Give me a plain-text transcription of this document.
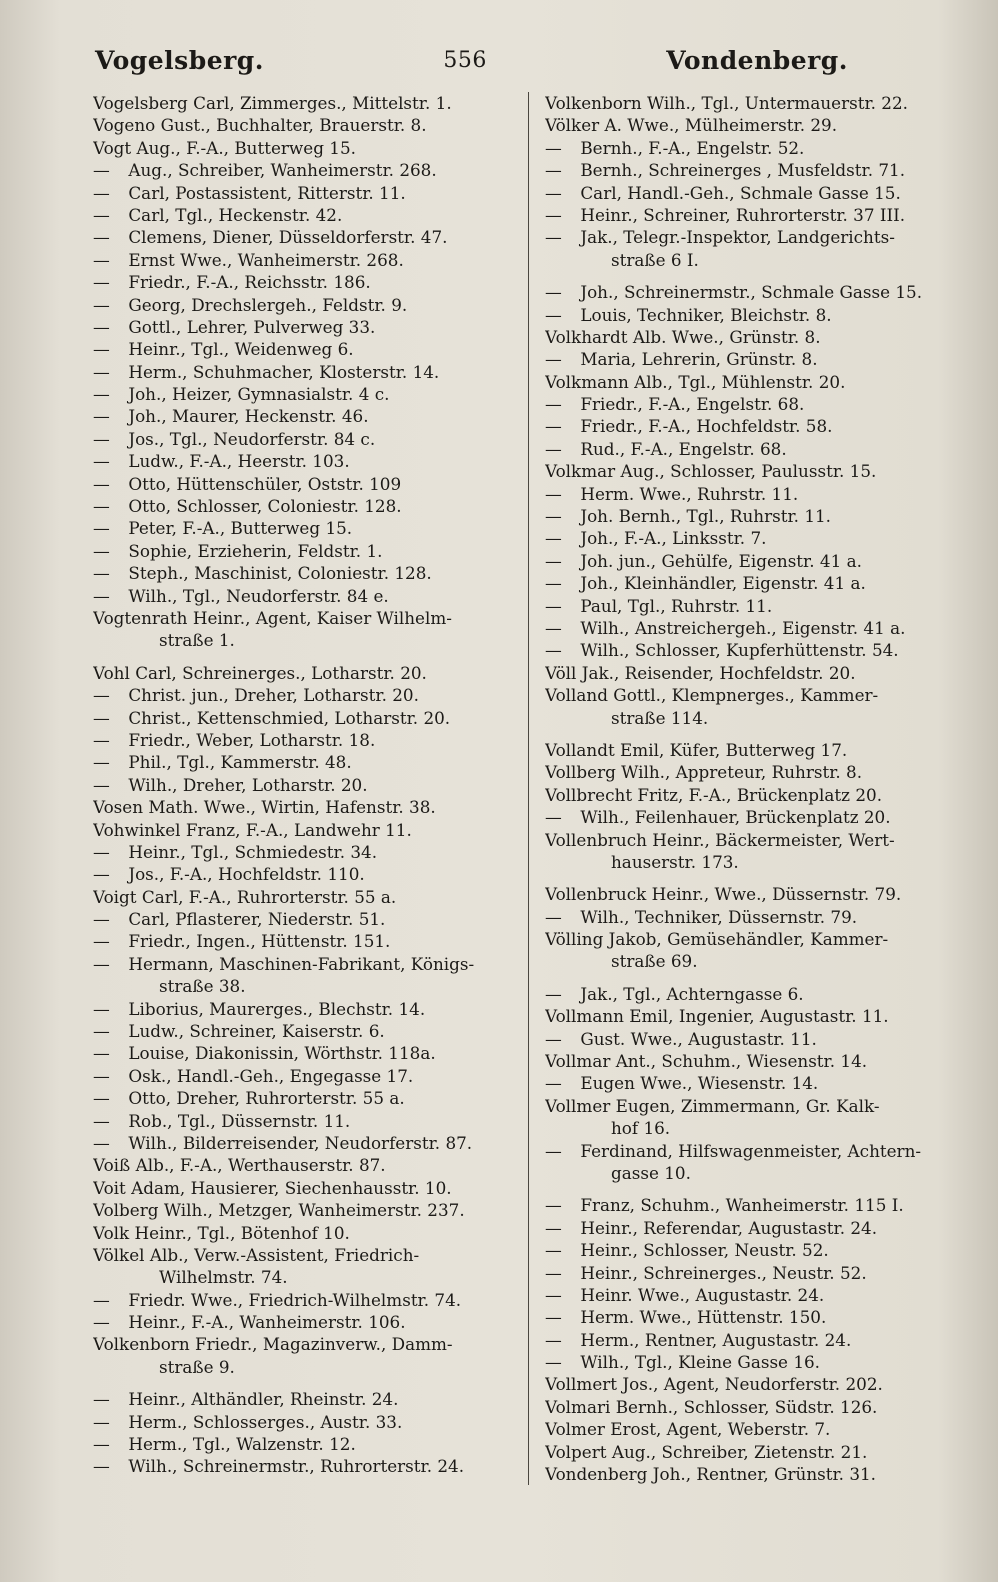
Vogelsberg.	556	Vondenberg.
Vogelsberg Carl, Zimmerges., Mittelstr. 1.
Vogeno Gust., Buchhalter, Brauerstr. 8.
Vogt Aug., F.-A., Butterweg 15.
— Aug., Schreiber, Wanheimerstr. 268.
— Carl, Postassistent, Ritterstr. 11.
— Carl, Tgl., Heckenstr. 42.
— Clemens, Diener, Düsseldorferstr. 47.
— Ernst Wwe., Wanheimerstr. 268.
— Friedr., F.-A., Reichsstr. 186.
— Georg, Drechslergeh., Feldstr. 9.
— Gottl., Lehrer, Pulverweg 33.
— Heinr., Tgl., Weidenweg 6.
— Herm., Schuhmacher, Klosterstr. 14.
— Joh., Heizer, Gymnasialstr. 4 c.
— Joh., Maurer, Heckenstr. 46.
— Jos., Tgl., Neudorferstr. 84 c.
— Ludw., F.-A., Heerstr. 103.
— Otto, Hüttenschüler, Oststr. 109
— Otto, Schlosser, Coloniestr. 128.
— Peter, F.-A., Butterweg 15.
— Sophie, Erzieherin, Feldstr. 1.
— Steph., Maschinist, Coloniestr. 128.
— Wilh., Tgl., Neudorferstr. 84 e.
Vogtenrath Heinr., Agent, Kaiser Wilhelm-
straße 1.
Vohl Carl, Schreinerges., Lotharstr. 20.
— Christ. jun., Dreher, Lotharstr. 20.
— Christ., Kettenschmied, Lotharstr. 20.
— Friedr., Weber, Lotharstr. 18.
— Phil., Tgl., Kammerstr. 48.
— Wilh., Dreher, Lotharstr. 20.
Vosen Math. Wwe., Wirtin, Hafenstr. 38.
Vohwinkel Franz, F.-A., Landwehr 11.
— Heinr., Tgl., Schmiedestr. 34.
— Jos., F.-A., Hochfeldstr. 110.
Voigt Carl, F.-A., Ruhrorterstr. 55 a.
— Carl, Pflasterer, Niederstr. 51.
— Friedr., Ingen., Hüttenstr. 151.
— Hermann, Maschinen-Fabrikant, Königs-
straße 38.
— Liborius, Maurerges., Blechstr. 14.
— Ludw., Schreiner, Kaiserstr. 6.
— Louise, Diakonissin, Wörthstr. 118a.
— Osk., Handl.-Geh., Engegasse 17.
— Otto, Dreher, Ruhrorterstr. 55 a.
— Rob., Tgl., Düssernstr. 11.
— Wilh., Bilderreisender, Neudorferstr. 87.
Voiß Alb., F.-A., Werthauserstr. 87.
Voit Adam, Hausierer, Siechenhausstr. 10.
Volberg Wilh., Metzger, Wanheimerstr. 237.
Volk Heinr., Tgl., Bötenhof 10.
Völkel Alb., Verw.-Assistent, Friedrich-
Wilhelmstr. 74.
— Friedr. Wwe., Friedrich-Wilhelmstr. 74.
— Heinr., F.-A., Wanheimerstr. 106.
Volkenborn Friedr., Magazinverw., Damm-
straße 9.
— Heinr., Althändler, Rheinstr. 24.
— Herm., Schlosserges., Austr. 33.
— Herm., Tgl., Walzenstr. 12.
— Wilh., Schreinermstr., Ruhrorterstr. 24.
Volkenborn Wilh., Tgl., Untermauerstr. 22.
Völker A. Wwe., Mülheimerstr. 29.
— Bernh., F.-A., Engelstr. 52.
— Bernh., Schreinerges , Musfeldstr. 71.
— Carl, Handl.-Geh., Schmale Gasse 15.
— Heinr., Schreiner, Ruhrorterstr. 37 III.
— Jak., Telegr.-Inspektor, Landgerichts-
straße 6 I.
— Joh., Schreinermstr., Schmale Gasse 15.
— Louis, Techniker, Bleichstr. 8.
Volkhardt Alb. Wwe., Grünstr. 8.
— Maria, Lehrerin, Grünstr. 8.
Volkmann Alb., Tgl., Mühlenstr. 20.
— Friedr., F.-A., Engelstr. 68.
— Friedr., F.-A., Hochfeldstr. 58.
— Rud., F.-A., Engelstr. 68.
Volkmar Aug., Schlosser, Paulusstr. 15.
— Herm. Wwe., Ruhrstr. 11.
— Joh. Bernh., Tgl., Ruhrstr. 11.
— Joh., F.-A., Linksstr. 7.
— Joh. jun., Gehülfe, Eigenstr. 41 a.
— Joh., Kleinhändler, Eigenstr. 41 a.
— Paul, Tgl., Ruhrstr. 11.
— Wilh., Anstreichergeh., Eigenstr. 41 a.
— Wilh., Schlosser, Kupferhüttenstr. 54.
Völl Jak., Reisender, Hochfeldstr. 20.
Volland Gottl., Klempnerges., Kammer-
straße 114.
Vollandt Emil, Küfer, Butterweg 17.
Vollberg Wilh., Appreteur, Ruhrstr. 8.
Vollbrecht Fritz, F.-A., Brückenplatz 20.
— Wilh., Feilenhauer, Brückenplatz 20.
Vollenbruch Heinr., Bäckermeister, Wert-
hauserstr. 173.
Vollenbruck Heinr., Wwe., Düssernstr. 79.
— Wilh., Techniker, Düssernstr. 79.
Völling Jakob, Gemüsehändler, Kammer-
straße 69.
— Jak., Tgl., Achterngasse 6.
Vollmann Emil, Ingenier, Augustastr. 11.
— Gust. Wwe., Augustastr. 11.
Vollmar Ant., Schuhm., Wiesenstr. 14.
— Eugen Wwe., Wiesenstr. 14.
Vollmer Eugen, Zimmermann, Gr. Kalk-
hof 16.
— Ferdinand, Hilfswagenmeister, Achtern-
gasse 10.
— Franz, Schuhm., Wanheimerstr. 115 I.
— Heinr., Referendar, Augustastr. 24.
— Heinr., Schlosser, Neustr. 52.
— Heinr., Schreinerges., Neustr. 52.
— Heinr. Wwe., Augustastr. 24.
— Herm. Wwe., Hüttenstr. 150.
— Herm., Rentner, Augustastr. 24.
— Wilh., Tgl., Kleine Gasse 16.
Vollmert Jos., Agent, Neudorferstr. 202.
Volmari Bernh., Schlosser, Südstr. 126.
Volmer Erost, Agent, Weberstr. 7.
Volpert Aug., Schreiber, Zietenstr. 21.
Vondenberg Joh., Rentner, Grünstr. 31.
